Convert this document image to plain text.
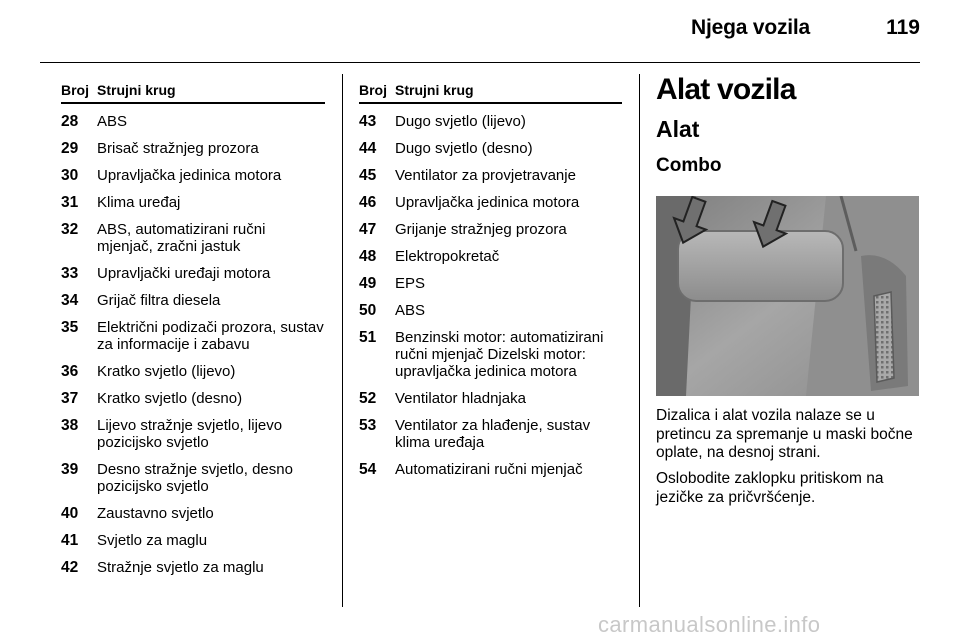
Njega vozila	119
Broj Strujni krug
28	ABS
29	Brisač stražnjeg prozora
30	Upravljačka jedinica motora
31	Klima uređaj
32	ABS, automatizirani ručni mjenjač, zračni jastuk
33	Upravljački uređaji motora
34	Grijač filtra diesela
35	Električni podizači prozora, sustav za informacije i zabavu
36	Kratko svjetlo (lijevo)
37	Kratko svjetlo (desno)
38	Lijevo stražnje svjetlo, lijevo pozicijsko svjetlo
39	Desno stražnje svjetlo, desno pozicijsko svjetlo
40	Zaustavno svjetlo
41	Svjetlo za maglu
42	Stražnje svjetlo za maglu
Broj Strujni krug
43	Dugo svjetlo (lijevo)
44	Dugo svjetlo (desno)
45	Ventilator za provjetravanje
46	Upravljačka jedinica motora
47	Grijanje stražnjeg prozora
48	Elektropokretač
49	EPS
50	ABS
51	Benzinski motor: automatizirani ručni mjenjač Dizelski motor: upravljačka jedinica motora
52	Ventilator hladnjaka
53	Ventilator za hlađenje, sustav klima uređaja
54	Automatizirani ručni mjenjač
Alat vozila
Alat
Combo
Dizalica i alat vozila nalaze se u pretincu za spremanje u maski bočne oplate, na desnoj strani.
Oslobodite zaklopku pritiskom na jezičke za pričvršćenje.
carmanualsonline.info
